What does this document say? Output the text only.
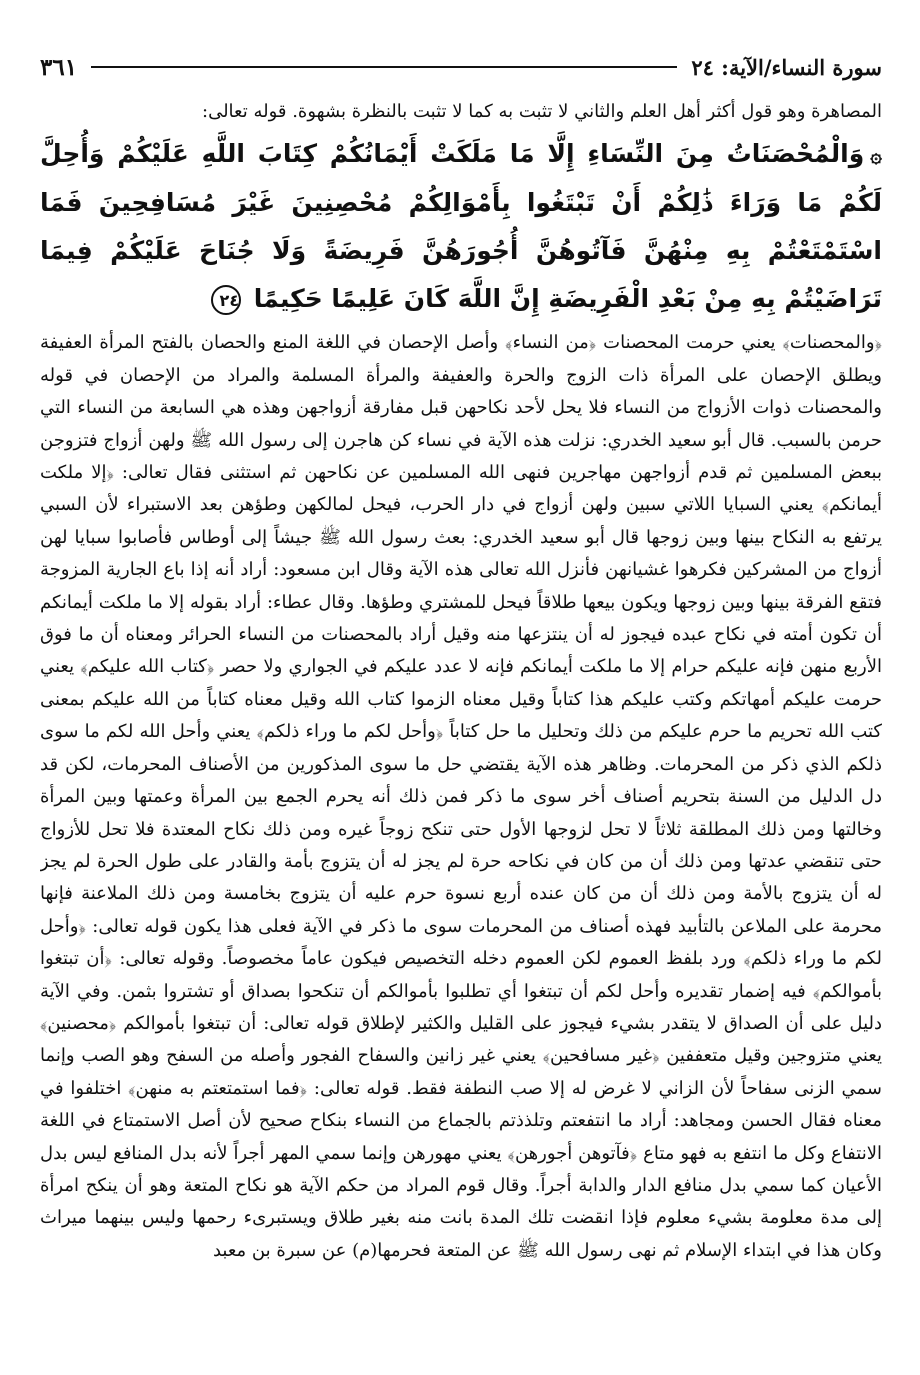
سورة النساء/الآية: ٢٤
٣٦١

المصاهرة وهو قول أكثر أهل العلم والثاني لا تثبت به كما لا تثبت بالنظرة بشهوة. قوله تعالى:

۞وَالْمُحْصَنَاتُ مِنَ النِّسَاءِ إِلَّا مَا مَلَكَتْ أَيْمَانُكُمْ كِتَابَ اللَّهِ عَلَيْكُمْ وَأُحِلَّ لَكُمْ مَا وَرَاءَ ذَٰلِكُمْ أَنْ تَبْتَغُوا بِأَمْوَالِكُمْ مُحْصِنِينَ غَيْرَ مُسَافِحِينَ فَمَا اسْتَمْتَعْتُمْ بِهِ مِنْهُنَّ فَآتُوهُنَّ أُجُورَهُنَّ فَرِيضَةً وَلَا جُنَاحَ عَلَيْكُمْ فِيمَا تَرَاضَيْتُمْ بِهِ مِنْ بَعْدِ الْفَرِيضَةِ إِنَّ اللَّهَ كَانَ عَلِيمًا حَكِيمًا ٢٤

﴿والمحصنات﴾ يعني حرمت المحصنات ﴿من النساء﴾ وأصل الإحصان في اللغة المنع والحصان بالفتح المرأة العفيفة ويطلق الإحصان على المرأة ذات الزوج والحرة والعفيفة والمرأة المسلمة والمراد من الإحصان في قوله والمحصنات ذوات الأزواج من النساء فلا يحل لأحد نكاحهن قبل مفارقة أزواجهن وهذه هي السابعة من النساء التي حرمن بالسبب. قال أبو سعيد الخدري: نزلت هذه الآية في نساء كن هاجرن إلى رسول الله ﷺ ولهن أزواج فتزوجن ببعض المسلمين ثم قدم أزواجهن مهاجرين فنهى الله المسلمين عن نكاحهن ثم استثنى فقال تعالى: ﴿إلا ملكت أيمانكم﴾ يعني السبايا اللاتي سبين ولهن أزواج في دار الحرب، فيحل لمالكهن وطؤهن بعد الاستبراء لأن السبي يرتفع به النكاح بينها وبين زوجها قال أبو سعيد الخدري: بعث رسول الله ﷺ جيشاً إلى أوطاس فأصابوا سبايا لهن أزواج من المشركين فكرهوا غشيانهن فأنزل الله تعالى هذه الآية وقال ابن مسعود: أراد أنه إذا باع الجارية المزوجة فتقع الفرقة بينها وبين زوجها ويكون بيعها طلاقاً فيحل للمشتري وطؤها. وقال عطاء: أراد بقوله إلا ما ملكت أيمانكم أن تكون أمته في نكاح عبده فيجوز له أن ينتزعها منه وقيل أراد بالمحصنات من النساء الحرائر ومعناه أن ما فوق الأربع منهن فإنه عليكم حرام إلا ما ملكت أيمانكم فإنه لا عدد عليكم في الجواري ولا حصر ﴿كتاب الله عليكم﴾ يعني حرمت عليكم أمهاتكم وكتب عليكم هذا كتاباً وقيل معناه الزموا كتاب الله وقيل معناه كتاباً من الله عليكم بمعنى كتب الله تحريم ما حرم عليكم من ذلك وتحليل ما حل كتاباً ﴿وأحل لكم ما وراء ذلكم﴾ يعني وأحل الله لكم ما سوى ذلكم الذي ذكر من المحرمات. وظاهر هذه الآية يقتضي حل ما سوى المذكورين من الأصناف المحرمات، لكن قد دل الدليل من السنة بتحريم أصناف أخر سوى ما ذكر فمن ذلك أنه يحرم الجمع بين المرأة وعمتها وبين المرأة وخالتها ومن ذلك المطلقة ثلاثاً لا تحل لزوجها الأول حتى تنكح زوجاً غيره ومن ذلك نكاح المعتدة فلا تحل للأزواج حتى تنقضي عدتها ومن ذلك أن من كان في نكاحه حرة لم يجز له أن يتزوج بأمة والقادر على طول الحرة لم يجز له أن يتزوج بالأمة ومن ذلك أن من كان عنده أربع نسوة حرم عليه أن يتزوج بخامسة ومن ذلك الملاعنة فإنها محرمة على الملاعن بالتأبيد فهذه أصناف من المحرمات سوى ما ذكر في الآية فعلى هذا يكون قوله تعالى: ﴿وأحل لكم ما وراء ذلكم﴾ ورد بلفظ العموم لكن العموم دخله التخصيص فيكون عاماً مخصوصاً. وقوله تعالى: ﴿أن تبتغوا بأموالكم﴾ فيه إضمار تقديره وأحل لكم أن تبتغوا أي تطلبوا بأموالكم أن تنكحوا بصداق أو تشتروا بثمن. وفي الآية دليل على أن الصداق لا يتقدر بشيء فيجوز على القليل والكثير لإطلاق قوله تعالى: أن تبتغوا بأموالكم ﴿محصنين﴾ يعني متزوجين وقيل متعففين ﴿غير مسافحين﴾ يعني غير زانين والسفاح الفجور وأصله من السفح وهو الصب وإنما سمي الزنى سفاحاً لأن الزاني لا غرض له إلا صب النطفة فقط. قوله تعالى: ﴿فما استمتعتم به منهن﴾ اختلفوا في معناه فقال الحسن ومجاهد: أراد ما انتفعتم وتلذذتم بالجماع من النساء بنكاح صحيح لأن أصل الاستمتاع في اللغة الانتفاع وكل ما انتفع به فهو متاع ﴿فآتوهن أجورهن﴾ يعني مهورهن وإنما سمي المهر أجراً لأنه بدل المنافع ليس بدل الأعيان كما سمي بدل منافع الدار والدابة أجراً. وقال قوم المراد من حكم الآية هو نكاح المتعة وهو أن ينكح امرأة إلى مدة معلومة بشيء معلوم فإذا انقضت تلك المدة بانت منه بغير طلاق ويستبرىء رحمها وليس بينهما ميراث وكان هذا في ابتداء الإسلام ثم نهى رسول الله ﷺ عن المتعة فحرمها(م) عن سبرة بن معبد
